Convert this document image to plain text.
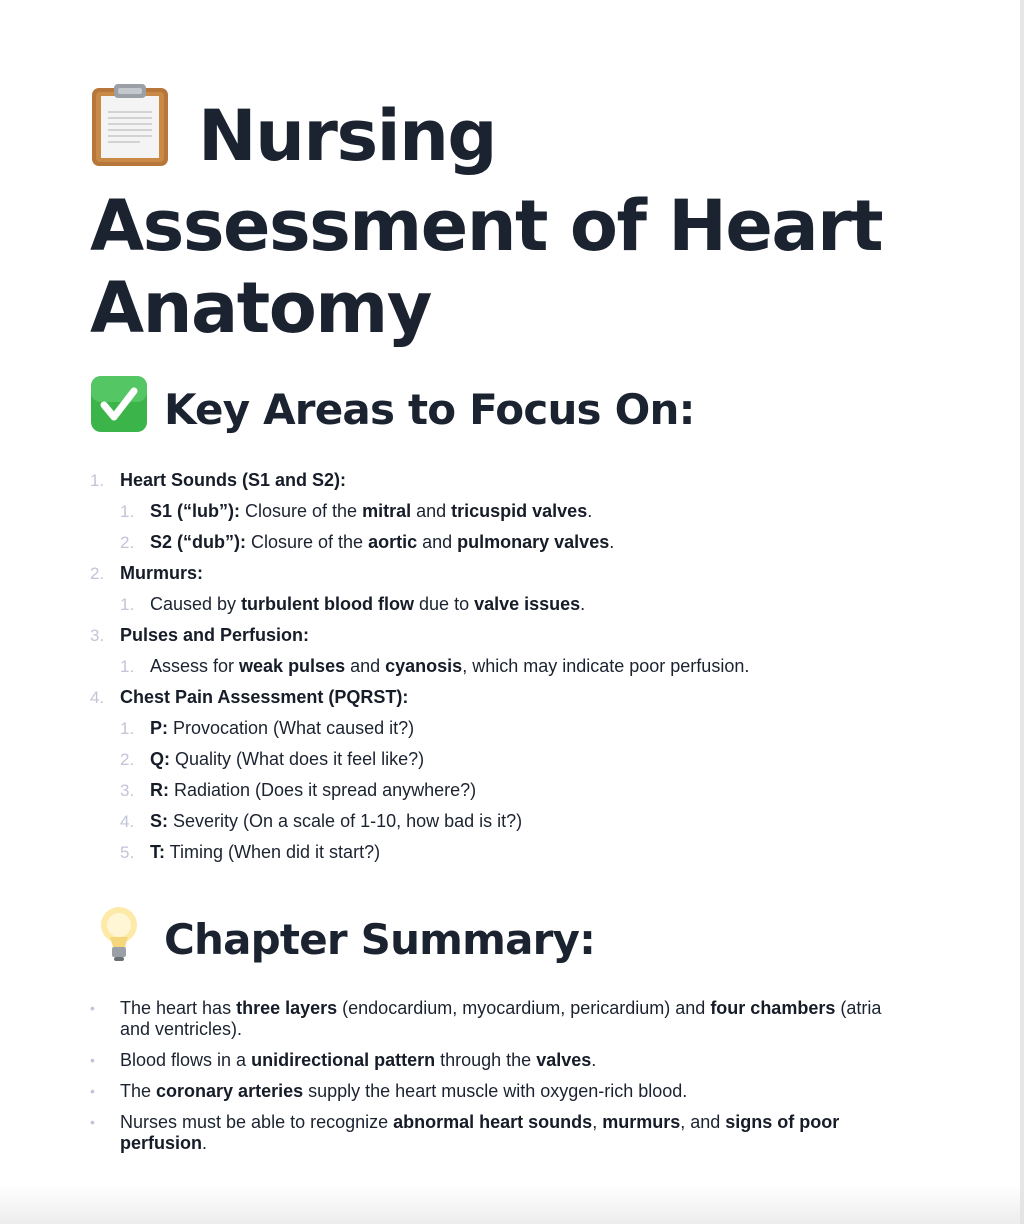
Nursing
Assessment of Heart Anatomy
Key Areas to Focus On:
1. Heart Sounds (S1 and S2):
1. S1 (“lub”): Closure of the mitral and tricuspid valves.
2. S2 (“dub”): Closure of the aortic and pulmonary valves.
2. Murmurs:
1. Caused by turbulent blood flow due to valve issues.
3. Pulses and Perfusion:
1. Assess for weak pulses and cyanosis, which may indicate poor perfusion.
4. Chest Pain Assessment (PQRST):
1. P: Provocation (What caused it?)
2. Q: Quality (What does it feel like?)
3. R: Radiation (Does it spread anywhere?)
4. S: Severity (On a scale of 1-10, how bad is it?)
5. T: Timing (When did it start?)
Chapter Summary:
•	The heart has three layers (endocardium, myocardium, pericardium) and four chambers (atria and ventricles).
•	Blood flows in a unidirectional pattern through the valves.
•	The coronary arteries supply the heart muscle with oxygen-rich blood.
•	Nurses must be able to recognize abnormal heart sounds, murmurs, and signs of poor perfusion.
